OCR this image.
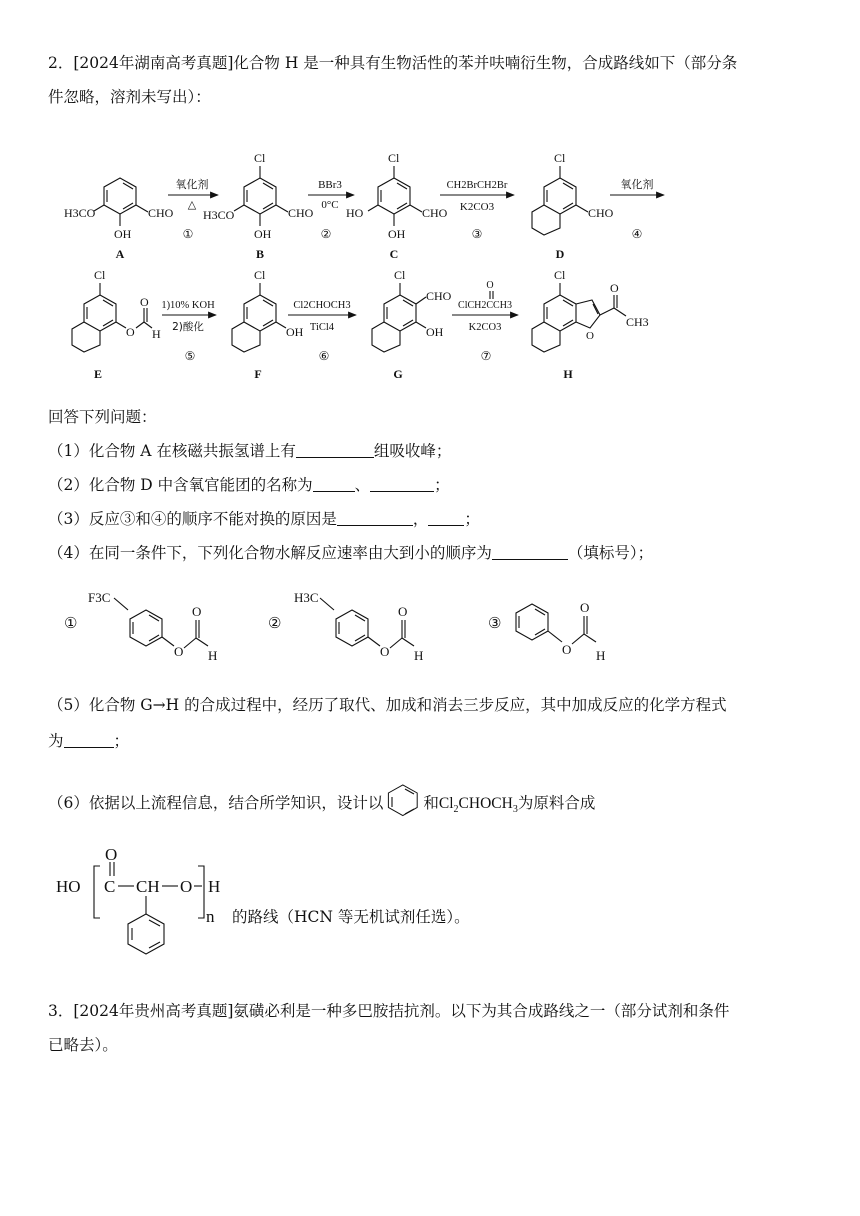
2．[2024年湖南高考真题]化合物 H 是一种具有生物活性的苯并呋喃衍生物，合成路线如下（部分条
件忽略，溶剂未写出）：
CHO
OH
H3CO
A
氧化剂
△
①
Cl
CHO
OH
H3CO
B
BBr3
0°C
②
Cl
CHO
OH
HO
C
CH2BrCH2Br
K2CO3
③
Cl
CHO
D
氧化剂
④
Cl
O
O
H
E
1)10% KOH
2)酸化
⑤
Cl
OH
F
Cl2CHOCH3
TiCl4
⑥
Cl
CHO
OH
G
O
ClCH2CCH3
K2CO3
⑦
Cl
O
O
CH3
H
回答下列问题：
（1）化合物 A 在核磁共振氢谱上有	组吸收峰；
（2）化合物 D 中含氧官能团的名称为	、	；
（3）反应③和④的顺序不能对换的原因是	， ；
（4）在同一条件下，下列化合物水解反应速率由大到小的顺序为	（填标号）；
①
F3C
O
O
H
②
H3C
O
O
H
③
O
O
H
（5）化合物 G→H 的合成过程中，经历了取代、加成和消去三步反应，其中加成反应的化学方程式
为	；
（6）依据以上流程信息，结合所学知识，设计以	和$Cl_2CHOCH_3$为原料合成
HO C
O
CH O H
n 的路线（HCN 等无机试剂任选）。
3．[2024年贵州高考真题]氨磺必利是一种多巴胺拮抗剂。以下为其合成路线之一（部分试剂和条件
已略去）。
